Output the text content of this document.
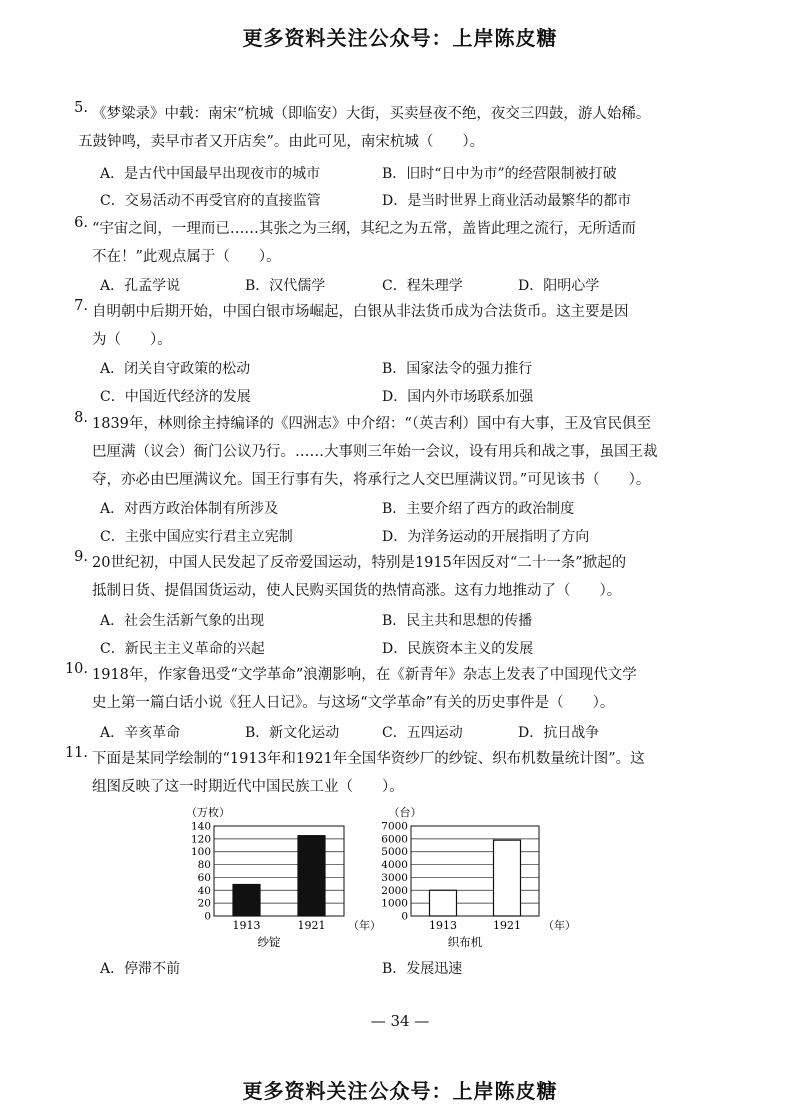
更多资料关注公众号：上岸陈皮糖
5. 《梦粱录》中载：南宋“杭城（即临安）大街，买卖昼夜不绝，夜交三四鼓，游人始稀。
五鼓钟鸣，卖早市者又开店矣”。由此可见，南宋杭城（　　）。
A．是古代中国最早出现夜市的城市	B．旧时“日中为市”的经营限制被打破
C．交易活动不再受官府的直接监管	D．是当时世界上商业活动最繁华的都市
6. “宇宙之间，一理而已……其张之为三纲，其纪之为五常，盖皆此理之流行，无所适而
不在！”此观点属于（　　）。
A．孔孟学说	B．汉代儒学	C．程朱理学	D．阳明心学
7. 自明朝中后期开始，中国白银市场崛起，白银从非法货币成为合法货币。这主要是因
为（　　）。
A．闭关自守政策的松动	B．国家法令的强力推行
C．中国近代经济的发展	D．国内外市场联系加强
8. 1839年，林则徐主持编译的《四洲志》中介绍：“（英吉利）国中有大事，王及官民俱至
巴厘满（议会）衙门公议乃行。……大事则三年始一会议，设有用兵和战之事，虽国王裁
夺，亦必由巴厘满议允。国王行事有失，将承行之人交巴厘满议罚。”可见该书（　　）。
A．对西方政治体制有所涉及	B．主要介绍了西方的政治制度
C．主张中国应实行君主立宪制	D．为洋务运动的开展指明了方向
9. 20世纪初，中国人民发起了反帝爱国运动，特别是1915年因反对“二十一条”掀起的
抵制日货、提倡国货运动，使人民购买国货的热情高涨。这有力地推动了（　　）。
A．社会生活新气象的出现	B．民主共和思想的传播
C．新民主主义革命的兴起	D．民族资本主义的发展
10. 1918年，作家鲁迅受“文学革命”浪潮影响，在《新青年》杂志上发表了中国现代文学
史上第一篇白话小说《狂人日记》。与这场“文学革命”有关的历史事件是（　　）。
A．辛亥革命	B．新文化运动	C．五四运动	D．抗日战争
11. 下面是某同学绘制的“1913年和1921年全国华资纱厂的纱锭、织布机数量统计图”。这
组图反映了这一时期近代中国民族工业（　　）。
（万枚）
0
20
40
60
80
100
120
140
1913	1921 （年）
纱锭
（台）
0
1000
2000
3000
4000
5000
6000
7000
1913	1921 （年）
织布机
A．停滞不前	B．发展迅速
— 34 —
更多资料关注公众号：上岸陈皮糖
